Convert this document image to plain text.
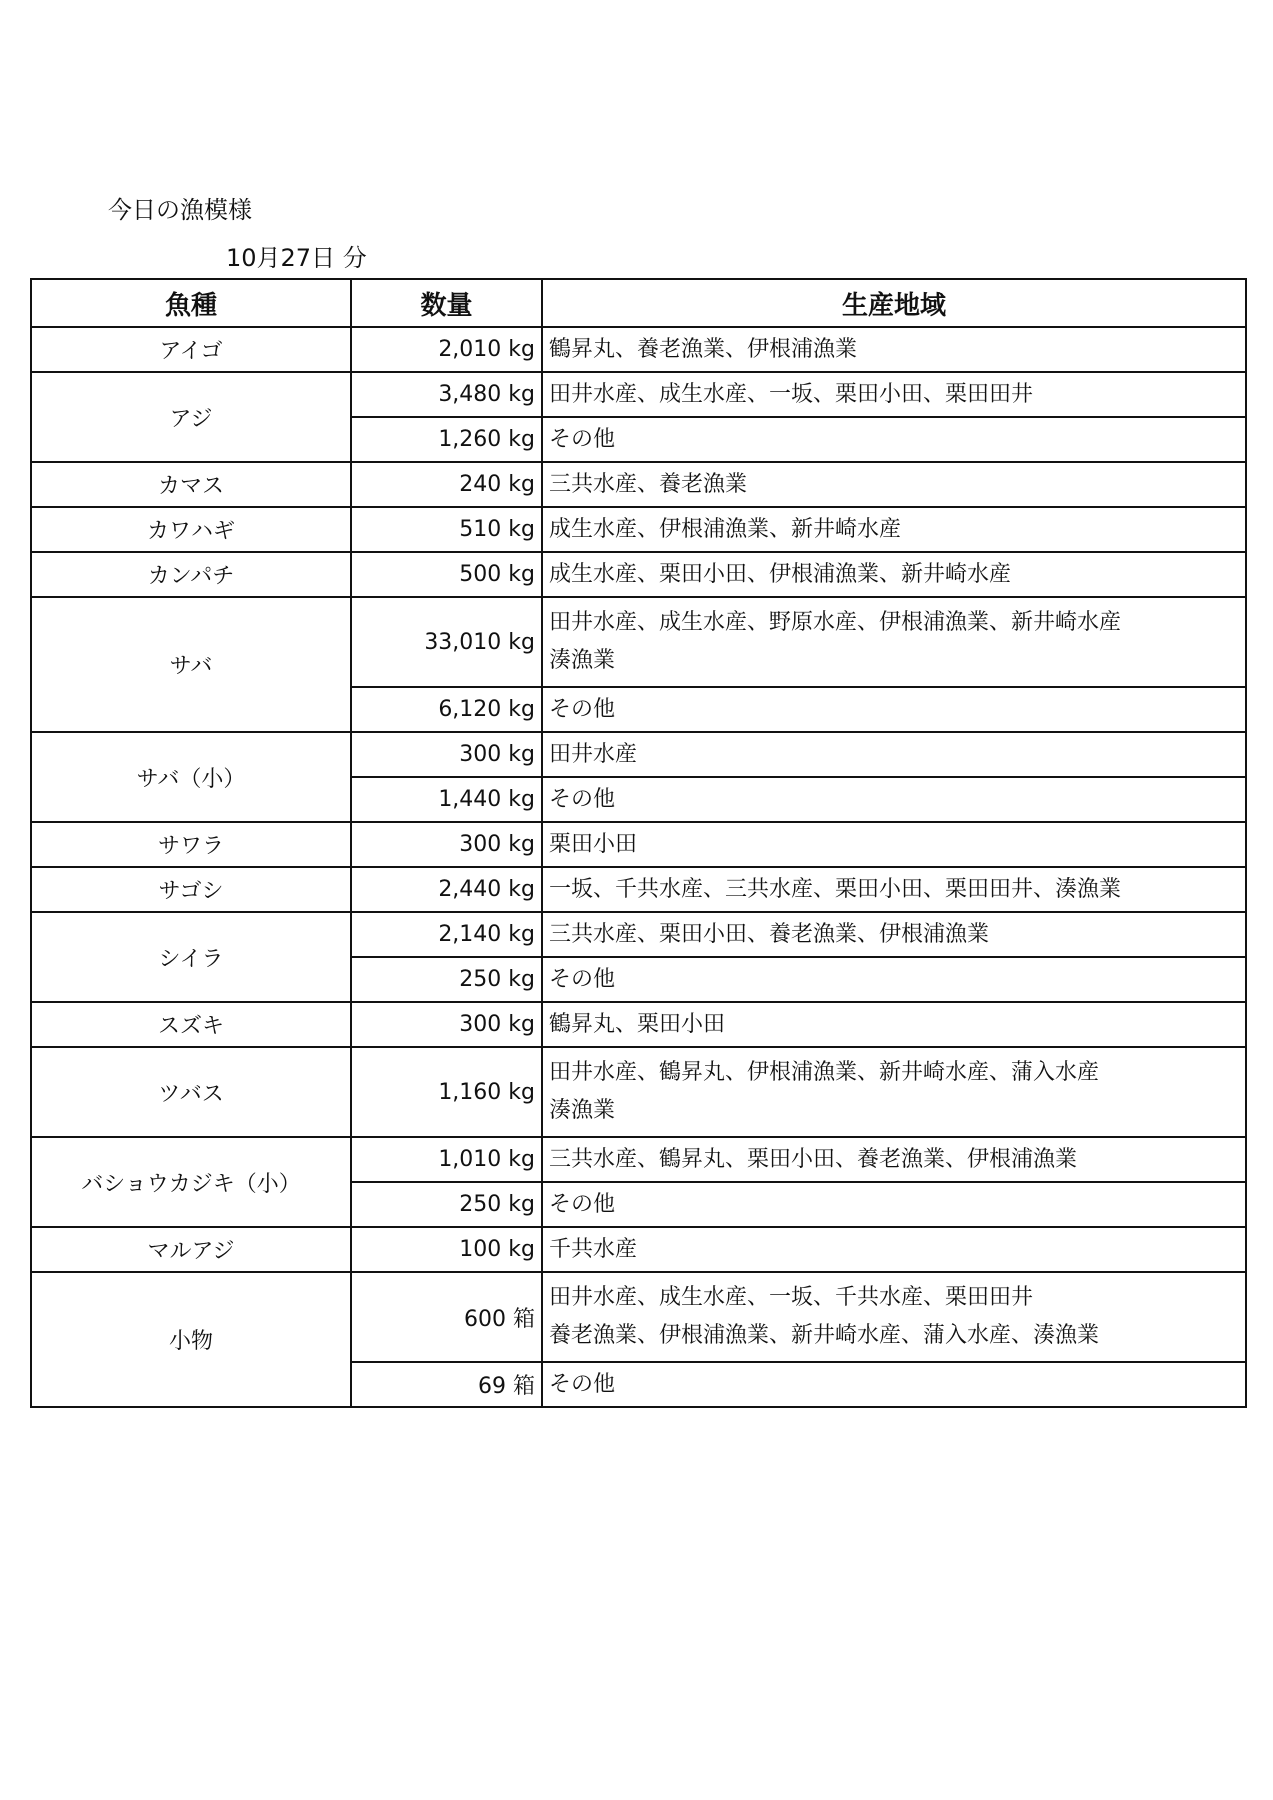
今日の漁模様
10月27日 分
魚種	数量	生産地域
アイゴ	2,010 kg	鶴昇丸、養老漁業、伊根浦漁業

アジ	3,480 kg	田井水産、成生水産、一坂、栗田小田、栗田田井

	1,260 kg	その他

カマス	240 kg	三共水産、養老漁業

カワハギ	510 kg	成生水産、伊根浦漁業、新井崎水産

カンパチ	500 kg	成生水産、栗田小田、伊根浦漁業、新井崎水産

サバ	33,010 kg	田井水産、成生水産、野原水産、伊根浦漁業、新井崎水産
湊漁業

	6,120 kg	その他

サバ（小）	300 kg	田井水産

	1,440 kg	その他

サワラ	300 kg	栗田小田

サゴシ	2,440 kg	一坂、千共水産、三共水産、栗田小田、栗田田井、湊漁業

シイラ	2,140 kg	三共水産、栗田小田、養老漁業、伊根浦漁業

	250 kg	その他

スズキ	300 kg	鶴昇丸、栗田小田

ツバス	1,160 kg	田井水産、鶴昇丸、伊根浦漁業、新井崎水産、蒲入水産
湊漁業

バショウカジキ（小）	1,010 kg	三共水産、鶴昇丸、栗田小田、養老漁業、伊根浦漁業

	250 kg	その他

マルアジ	100 kg	千共水産

小物	600 箱	田井水産、成生水産、一坂、千共水産、栗田田井
養老漁業、伊根浦漁業、新井崎水産、蒲入水産、湊漁業

	69 箱	その他
